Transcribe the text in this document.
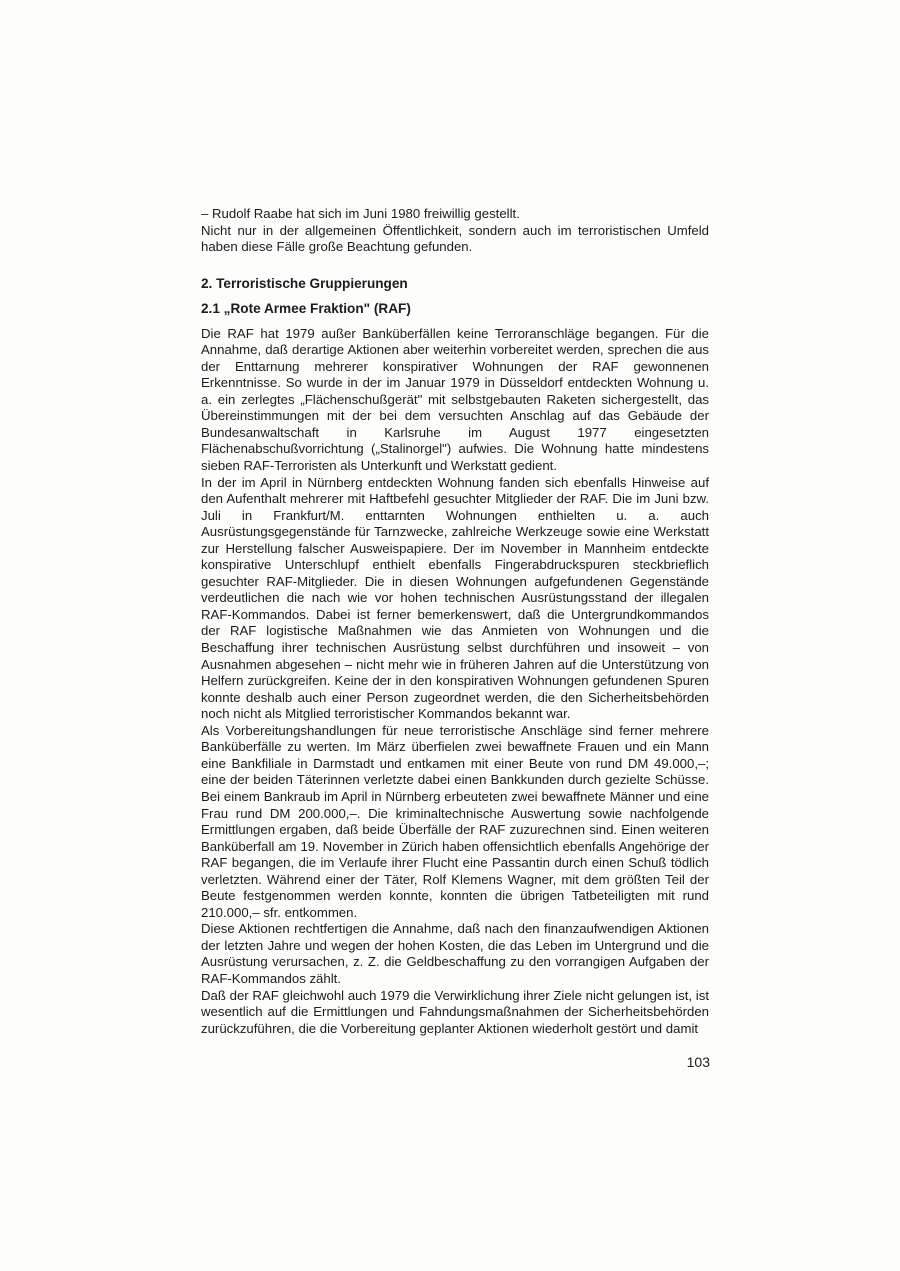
– Rudolf Raabe hat sich im Juni 1980 freiwillig gestellt.

Nicht nur in der allgemeinen Öffentlichkeit, sondern auch im terroristischen Umfeld haben diese Fälle große Beachtung gefunden.

2. Terroristische Gruppierungen
2.1 „Rote Armee Fraktion" (RAF)

Die RAF hat 1979 außer Banküberfällen keine Terroranschläge begangen. Für die Annahme, daß derartige Aktionen aber weiterhin vorbereitet werden, sprechen die aus der Enttarnung mehrerer konspirativer Wohnungen der RAF gewonnenen Erkenntnisse. So wurde in der im Januar 1979 in Düsseldorf entdeckten Wohnung u. a. ein zerlegtes „Flächenschußgerät" mit selbstgebauten Raketen sichergestellt, das Übereinstimmungen mit der bei dem versuchten Anschlag auf das Gebäude der Bundesanwaltschaft in Karlsruhe im August 1977 eingesetzten Flächenabschußvorrichtung („Stalinorgel") aufwies. Die Wohnung hatte mindestens sieben RAF-Terroristen als Unterkunft und Werkstatt gedient.

In der im April in Nürnberg entdeckten Wohnung fanden sich ebenfalls Hinweise auf den Aufenthalt mehrerer mit Haftbefehl gesuchter Mitglieder der RAF. Die im Juni bzw. Juli in Frankfurt/M. enttarnten Wohnungen enthielten u. a. auch Ausrüstungsgegenstände für Tarnzwecke, zahlreiche Werkzeuge sowie eine Werkstatt zur Herstellung falscher Ausweispapiere. Der im November in Mannheim entdeckte konspirative Unterschlupf enthielt ebenfalls Fingerabdruckspuren steckbrieflich gesuchter RAF-Mitglieder. Die in diesen Wohnungen aufgefundenen Gegenstände verdeutlichen die nach wie vor hohen technischen Ausrüstungsstand der illegalen RAF-Kommandos. Dabei ist ferner bemerkenswert, daß die Untergrundkommandos der RAF logistische Maßnahmen wie das Anmieten von Wohnungen und die Beschaffung ihrer technischen Ausrüstung selbst durchführen und insoweit – von Ausnahmen abgesehen – nicht mehr wie in früheren Jahren auf die Unterstützung von Helfern zurückgreifen. Keine der in den konspirativen Wohnungen gefundenen Spuren konnte deshalb auch einer Person zugeordnet werden, die den Sicherheitsbehörden noch nicht als Mitglied terroristischer Kommandos bekannt war.

Als Vorbereitungshandlungen für neue terroristische Anschläge sind ferner mehrere Banküberfälle zu werten. Im März überfielen zwei bewaffnete Frauen und ein Mann eine Bankfiliale in Darmstadt und entkamen mit einer Beute von rund DM 49.000,–; eine der beiden Täterinnen verletzte dabei einen Bankkunden durch gezielte Schüsse. Bei einem Bankraub im April in Nürnberg erbeuteten zwei bewaffnete Männer und eine Frau rund DM 200.000,–. Die kriminaltechnische Auswertung sowie nachfolgende Ermittlungen ergaben, daß beide Überfälle der RAF zuzurechnen sind. Einen weiteren Banküberfall am 19. November in Zürich haben offensichtlich ebenfalls Angehörige der RAF begangen, die im Verlaufe ihrer Flucht eine Passantin durch einen Schuß tödlich verletzten. Während einer der Täter, Rolf Klemens Wagner, mit dem größten Teil der Beute festgenommen werden konnte, konnten die übrigen Tatbeteiligten mit rund 210.000,– sfr. entkommen.

Diese Aktionen rechtfertigen die Annahme, daß nach den finanzaufwendigen Aktionen der letzten Jahre und wegen der hohen Kosten, die das Leben im Untergrund und die Ausrüstung verursachen, z. Z. die Geldbeschaffung zu den vorrangigen Aufgaben der RAF-Kommandos zählt.

Daß der RAF gleichwohl auch 1979 die Verwirklichung ihrer Ziele nicht gelungen ist, ist wesentlich auf die Ermittlungen und Fahndungsmaßnahmen der Sicherheitsbehörden zurückzuführen, die die Vorbereitung geplanter Aktionen wiederholt gestört und damit

103
